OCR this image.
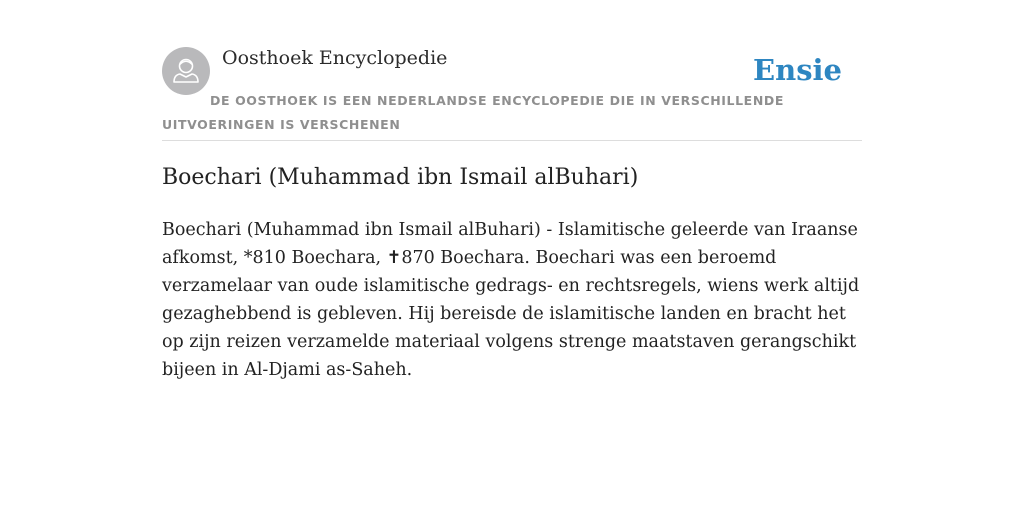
Oosthoek Encyclopedie	Ensie
DE OOSTHOEK IS EEN NEDERLANDSE ENCYCLOPEDIE DIE IN VERSCHILLENDE UITVOERINGEN IS VERSCHENEN
Boechari (Muhammad ibn Ismail alBuhari)

Boechari (Muhammad ibn Ismail alBuhari) - Islamitische geleerde van Iraanse afkomst, *810 Boechara, ✝870 Boechara. Boechari was een beroemd verzamelaar van oude islamitische gedrags- en rechtsregels, wiens werk altijd gezaghebbend is gebleven. Hij bereisde de islamitische landen en bracht het op zijn reizen verzamelde materiaal volgens strenge maatstaven gerangschikt bijeen in Al-Djami as-Saheh.
